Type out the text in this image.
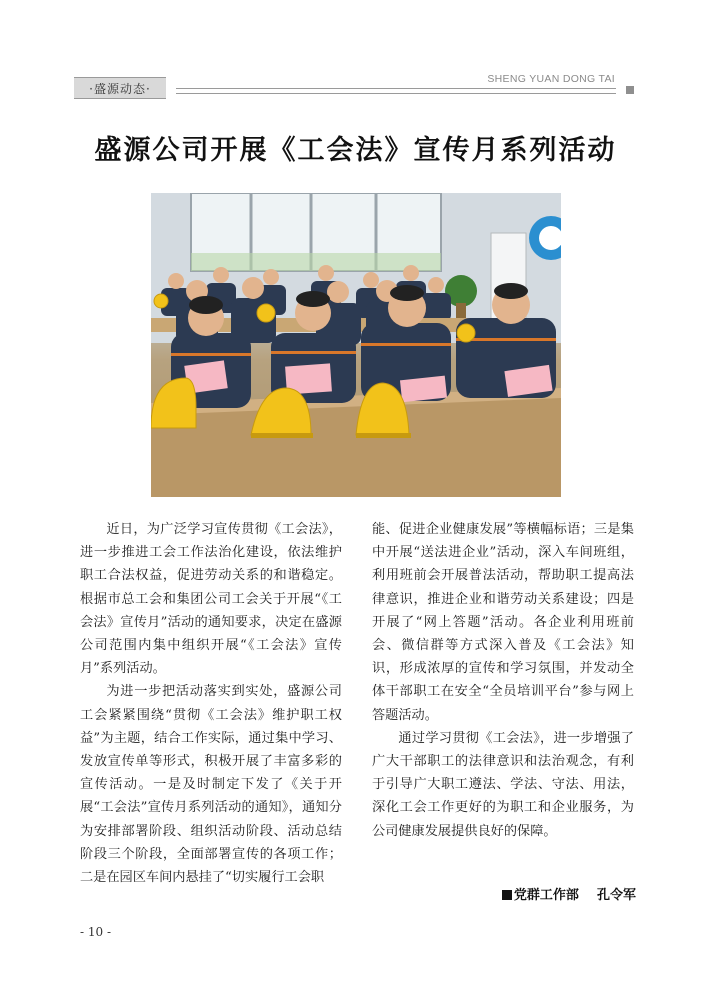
·盛源动态·
SHENG YUAN DONG TAI
盛源公司开展《工会法》宣传月系列活动

近日，为广泛学习宣传贯彻《工会法》，进一步推进工会工作法治化建设，依法维护职工合法权益，促进劳动关系的和谐稳定。根据市总工会和集团公司工会关于开展“《工会法》宣传月”活动的通知要求，决定在盛源公司范围内集中组织开展“《工会法》宣传月”系列活动。

为进一步把活动落实到实处，盛源公司工会紧紧围绕“贯彻《工会法》维护职工权益”为主题，结合工作实际，通过集中学习、发放宣传单等形式，积极开展了丰富多彩的宣传活动。一是及时制定下发了《关于开展“工会法”宣传月系列活动的通知》，通知分为安排部署阶段、组织活动阶段、活动总结阶段三个阶段，全面部署宣传的各项工作；二是在园区车间内悬挂了“切实履行工会职

能、促进企业健康发展”等横幅标语；三是集中开展“送法进企业”活动，深入车间班组，利用班前会开展普法活动，帮助职工提高法律意识，推进企业和谐劳动关系建设；四是开展了“网上答题”活动。各企业利用班前会、微信群等方式深入普及《工会法》知识，形成浓厚的宣传和学习氛围，并发动全体干部职工在安全“全员培训平台”参与网上答题活动。

通过学习贯彻《工会法》，进一步增强了广大干部职工的法律意识和法治观念，有利于引导广大职工遵法、学法、守法、用法，深化工会工作更好的为职工和企业服务，为公司健康发展提供良好的保障。

党群工作部 孔令军
- 10 -
